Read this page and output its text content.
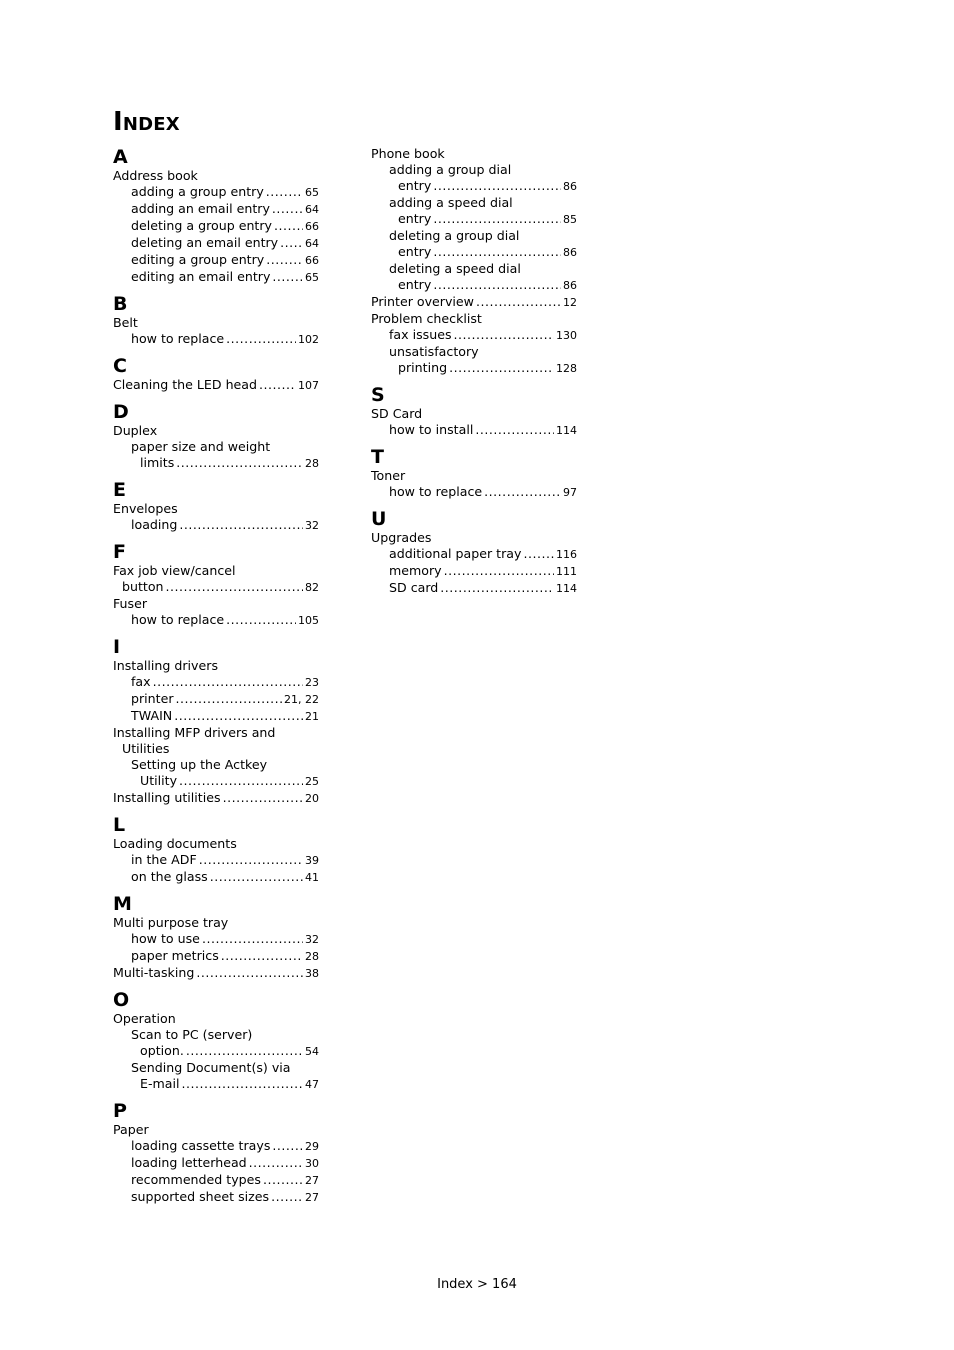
Index
A
Address book
adding a group entry .....	65
adding an email entry .....	64
deleting a group entry .....	66
deleting an email entry ..... 64
editing a group entry .....	66
editing an email entry .....	65
B
Belt
how to replace .....	102
C
Cleaning the LED head .....	107
D
Duplex
paper size and weight
limits .....	28
E
Envelopes
loading .....	32
F
Fax job view/cancel
button .....	82
Fuser
how to replace .....	105
I
Installing drivers
fax .....	23
printer .....	21, 22
TWAIN .....	21
Installing MFP drivers and
Utilities
Setting up the Actkey
Utility .....	25
Installing utilities .....	20
L
Loading documents
in the ADF .....	39
on the glass .....	41
M
Multi purpose tray
how to use .....	32
paper metrics .....	28
Multi-tasking .....	38
O
Operation
Scan to PC (server)
option. .....	54
Sending Document(s) via
E-mail .....	47
P
Paper
loading cassette trays .....	29
loading letterhead .....	30
recommended types .....	27
supported sheet sizes .....	27
Phone book
adding a group dial
entry .....	86
adding a speed dial
entry .....	85
deleting a group dial
entry .....	86
deleting a speed dial
entry .....	86
Printer overview .....	12
Problem checklist
fax issues .....	130
unsatisfactory
printing .....	128
S
SD Card
how to install .....	114
T
Toner
how to replace .....	97
U
Upgrades
additional paper tray .....	116
memory .....	111
SD card .....	114
Index > 164
